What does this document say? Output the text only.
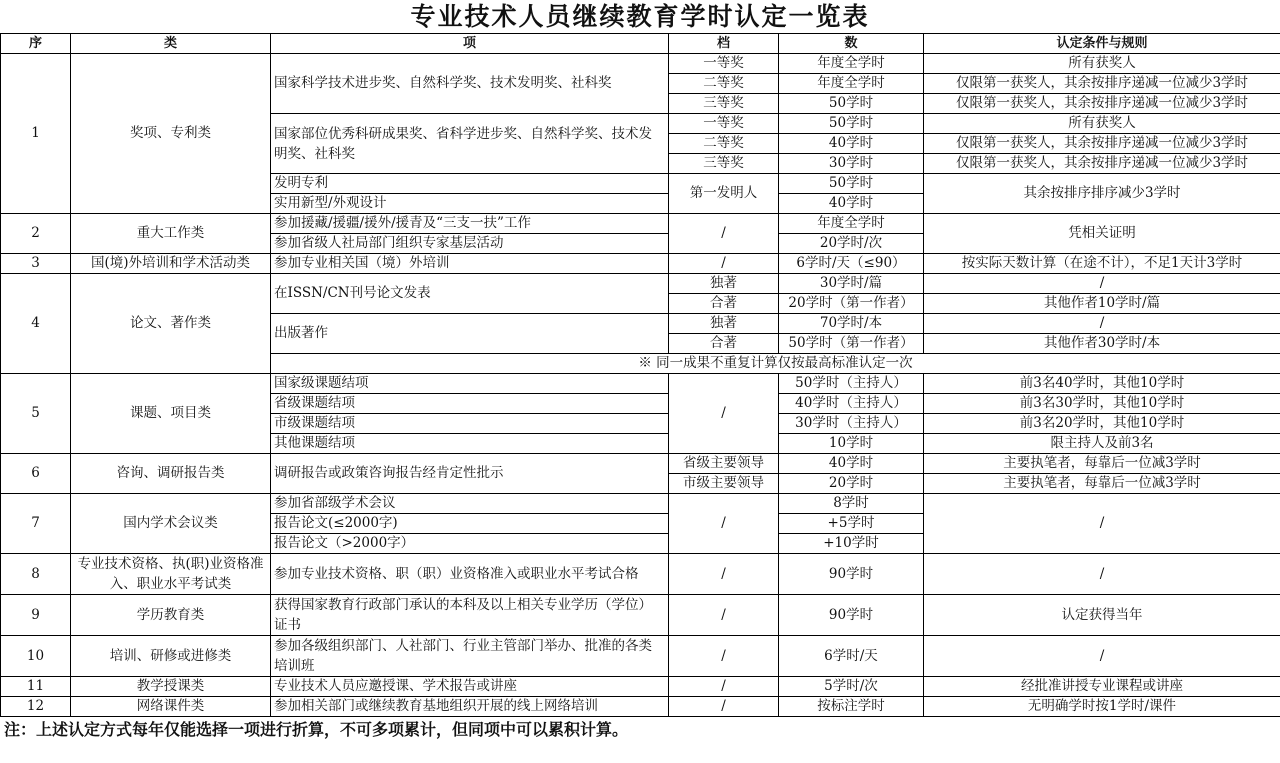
专业技术人员继续教育学时认定一览表
序	类	项	档	数	认定条件与规则
1	奖项、专利类	国家科学技术进步奖、自然科学奖、技术发明奖、社科奖	一等奖	年度全学时	所有获奖人
			二等奖	年度全学时	仅限第一获奖人，其余按排序递减一位减少3学时
			三等奖	50学时	仅限第一获奖人，其余按排序递减一位减少3学时
		国家部位优秀科研成果奖、省科学进步奖、自然科学奖、技术发明奖、社科奖	一等奖	50学时	所有获奖人
			二等奖	40学时	仅限第一获奖人，其余按排序递减一位减少3学时
			三等奖	30学时	仅限第一获奖人，其余按排序递减一位减少3学时
		发明专利	第一发明人	50学时	其余按排序排序减少3学时
		实用新型/外观设计		40学时	
2	重大工作类	参加援藏/援疆/援外/援青及“三支一扶”工作	/	年度全学时	凭相关证明
		参加省级人社局部门组织专家基层活动		20学时/次	
3	国(境)外培训和学术活动类	参加专业相关国（境）外培训	/	6学时/天（≤90）	按实际天数计算（在途不计），不足1天计3学时
4	论文、著作类	在ISSN/CN刊号论文发表	独著	30学时/篇	/
			合著	20学时（第一作者）	其他作者10学时/篇
		出版著作	独著	70学时/本	/
			合著	50学时（第一作者）	其他作者30学时/本
		※ 同一成果不重复计算仅按最高标准认定一次			
5	课题、项目类	国家级课题结项	/	50学时（主持人）	前3名40学时，其他10学时
		省级课题结项		40学时（主持人）	前3名30学时，其他10学时
		市级课题结项		30学时（主持人）	前3名20学时，其他10学时
		其他课题结项		10学时	限主持人及前3名
6	咨询、调研报告类	调研报告或政策咨询报告经肯定性批示	省级主要领导	40学时	主要执笔者，每靠后一位减3学时
			市级主要领导	20学时	主要执笔者，每靠后一位减3学时
7	国内学术会议类	参加省部级学术会议	/	8学时	/
		报告论文(≤2000字)		+5学时	
		报告论文（>2000字）		+10学时	
8	专业技术资格、执(职)业资格准入、职业水平考试类	参加专业技术资格、职（职）业资格准入或职业水平考试合格	/	90学时	/
9	学历教育类	获得国家教育行政部门承认的本科及以上相关专业学历（学位）证书	/	90学时	认定获得当年
10	培训、研修或进修类	参加各级组织部门、人社部门、行业主管部门举办、批准的各类培训班	/	6学时/天	/
11	教学授课类	专业技术人员应邀授课、学术报告或讲座	/	5学时/次	经批准讲授专业课程或讲座
12	网络课件类	参加相关部门或继续教育基地组织开展的线上网络培训	/	按标注学时	无明确学时按1学时/课件
注：上述认定方式每年仅能选择一项进行折算，不可多项累计，但同项中可以累积计算。
